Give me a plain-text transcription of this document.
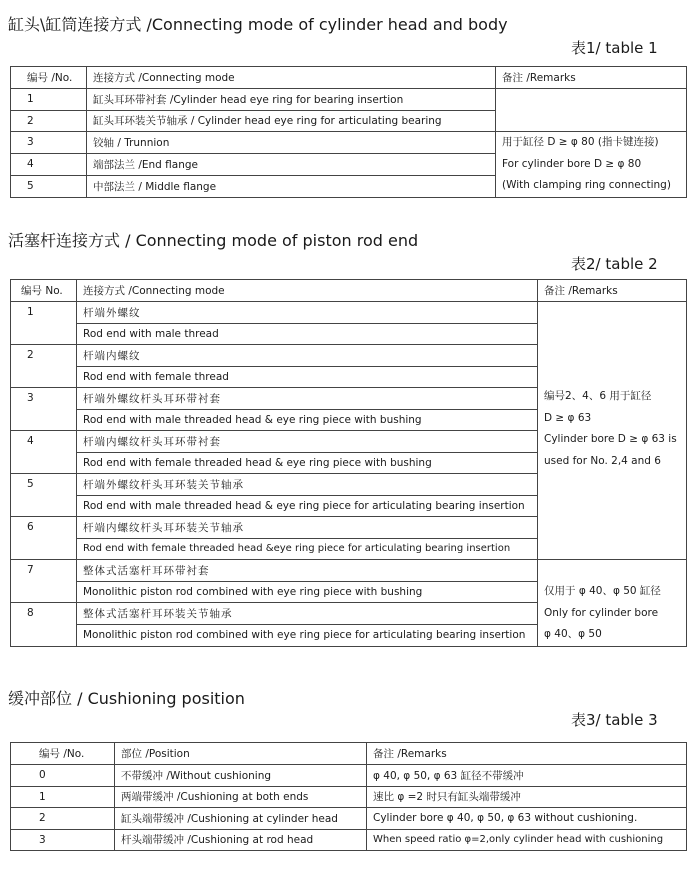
缸头\缸筒连接方式 /Connecting mode of cylinder head and body
表1/ table 1
编号 /No.	连接方式 /Connecting mode	备注 /Remarks
1	缸头耳环带衬套 /Cylinder head eye ring for bearing insertion	
2	缸头耳环装关节轴承 / Cylinder head eye ring for articulating bearing	
3	铰轴 / Trunnion	用于缸径 D ≥ φ 80 (指卡键连接)
For cylinder bore D ≥ φ 80
(With clamping ring connecting)

4	端部法兰 /End flange	
5	中部法兰 / Middle flange	
活塞杆连接方式 / Connecting mode of piston rod end
表2/ table 2
编号 No.	连接方式 /Connecting mode	备注 /Remarks
1	杆端外螺纹	编号2、4、6 用于缸径
D ≥ φ 63
Cylinder bore D ≥ φ 63 is
used for No. 2,4 and 6

	Rod end with male thread	
2	杆端内螺纹	
	Rod end with female thread	
3	杆端外螺纹杆头耳环带衬套	
	Rod end with male threaded head & eye ring piece with bushing	
4	杆端内螺纹杆头耳环带衬套	
	Rod end with female threaded head & eye ring piece with bushing	
5	杆端外螺纹杆头耳环装关节轴承	
	Rod end with male threaded head & eye ring piece for articulating bearing insertion	
6	杆端内螺纹杆头耳环装关节轴承	
	Rod end with female threaded head &eye ring piece for articulating bearing insertion	
7	整体式活塞杆耳环带衬套	仅用于 φ 40、φ 50 缸径
Only for cylinder bore
φ 40、φ 50

	Monolithic piston rod combined with eye ring piece with bushing	
8	整体式活塞杆耳环装关节轴承	
	Monolithic piston rod combined with eye ring piece for articulating bearing insertion	
缓冲部位 / Cushioning position
表3/ table 3
编号 /No.	部位 /Position	备注 /Remarks
0	不带缓冲 /Without cushioning	φ 40, φ 50, φ 63 缸径不带缓冲
1	两端带缓冲 /Cushioning at both ends	速比 φ =2 时只有缸头端带缓冲
2	缸头端带缓冲 /Cushioning at cylinder head	Cylinder bore φ 40, φ 50, φ 63 without cushioning.
3	杆头端带缓冲 /Cushioning at rod head	When speed ratio φ=2,only cylinder head with cushioning
